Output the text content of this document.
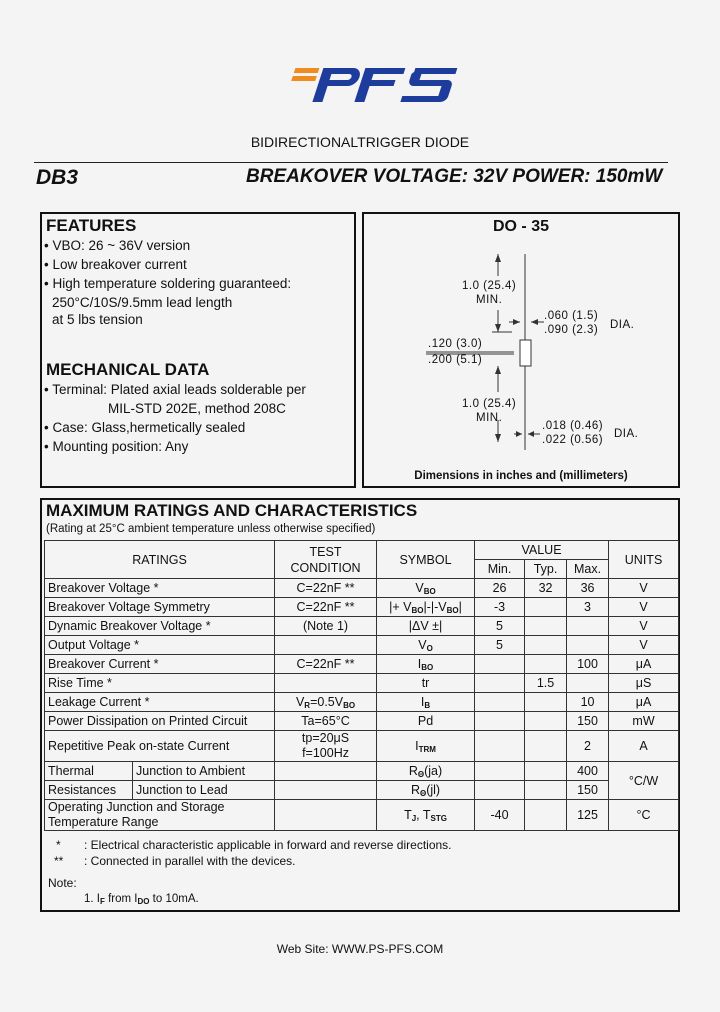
BIDIRECTIONALTRIGGER DIODE
DB3	BREAKOVER VOLTAGE: 32V POWER: 150mW
FEATURES
• VBO: 26 ~ 36V version
• Low breakover current
• High temperature soldering guaranteed:
250°C/10S/9.5mm lead length
at 5 lbs tension
MECHANICAL DATA
• Terminal: Plated axial leads solderable per
MIL-STD 202E, method 208C
• Case: Glass,hermetically sealed
• Mounting position: Any
DO - 35
1.0 (25.4)
MIN.
.060 (1.5)
.090 (2.3) DIA.
.120 (3.0)
.200 (5.1)
1.0 (25.4)
MIN.
.018 (0.46)
.022 (0.56) DIA.
Dimensions in inches and (millimeters)
MAXIMUM RATINGS AND CHARACTERISTICS
(Rating at 25°C ambient temperature unless otherwise specified)
RATINGS		TEST
CONDITION	SYMBOL	VALUE			UNITS
				Min.	Typ.	Max.	
Breakover Voltage *		C=22nF **	$V_{BO}$	26	32	36	V
Breakover Voltage Symmetry		C=22nF **	|+ $V_{BO}|-|-V_{BO}|$	-3		3	V
Dynamic Breakover Voltage *		(Note 1)	|ΔV ±|	5			V
Output Voltage *			$V_O$	5			V
Breakover Current *		C=22nF **	$I_{BO}$			100	μA
Rise Time *			tr		1.5		μS
Leakage Current *		$V_R=0.5V_{BO}$	$I_B$			10	μA
Power Dissipation on Printed Circuit		Ta=65°C	Pd			150	mW
Repetitive Peak on-state Current		tp=20μS
f=100Hz	$I_{TRM}$			2	A
Thermal	Junction to Ambient		$R_\Theta(ja)$			400	°C/W
Resistances	Junction to Lead		$R_\Theta(jl)$			150	
Operating Junction and Storage
Temperature Range			$T_J$, $T_{STG}$	-40		125	°C
* : Electrical characteristic applicable in forward and reverse directions.
** : Connected in parallel with the devices.
Note:
1. $I_F$ from $I_{DO}$ to 10mA.
Web Site: WWW.PS-PFS.COM
